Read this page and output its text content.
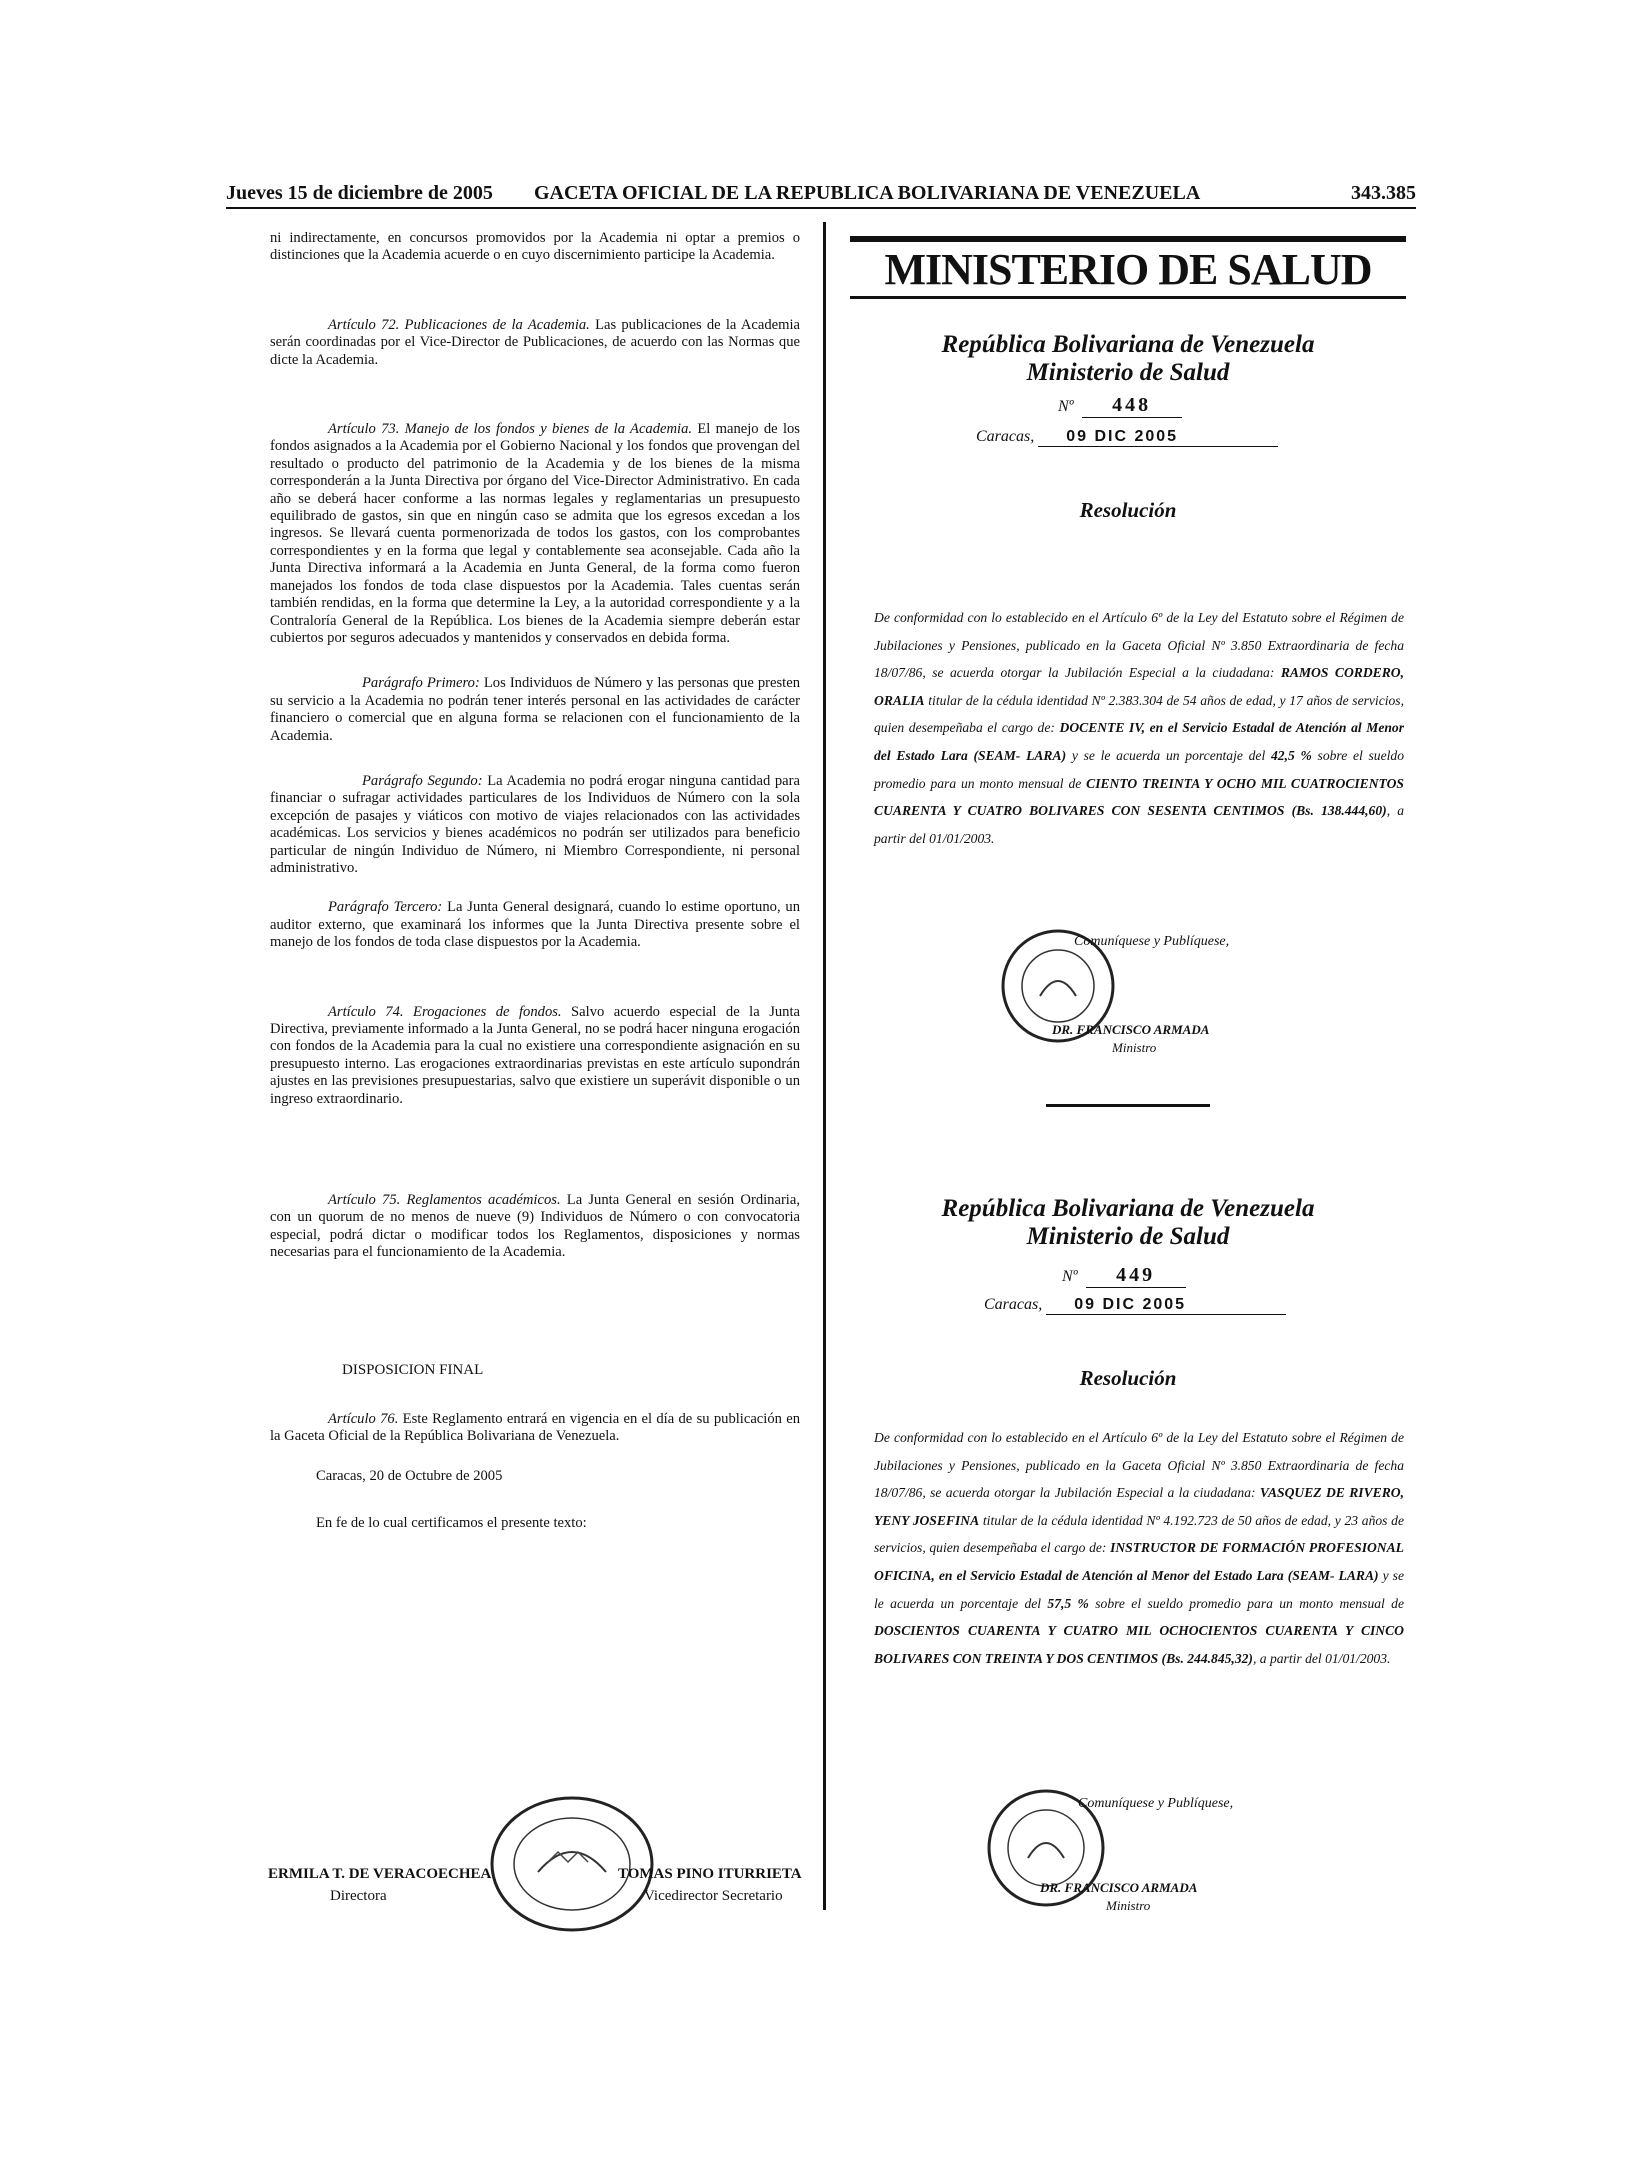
Jueves 15 de diciembre de 2005 GACETA OFICIAL DE LA REPUBLICA BOLIVARIANA DE VENEZUELA	343.385

ni indirectamente, en concursos promovidos por la Academia ni optar a premios o distinciones que la Academia acuerde o en cuyo discernimiento participe la Academia.

Artículo 72. Publicaciones de la Academia. Las publicaciones de la Academia serán coordinadas por el Vice-Director de Publicaciones, de acuerdo con las Normas que dicte la Academia.

Artículo 73. Manejo de los fondos y bienes de la Academia. El manejo de los fondos asignados a la Academia por el Gobierno Nacional y los fondos que provengan del resultado o producto del patrimonio de la Academia y de los bienes de la misma corresponderán a la Junta Directiva por órgano del Vice-Director Administrativo. En cada año se deberá hacer conforme a las normas legales y reglamentarias un presupuesto equilibrado de gastos, sin que en ningún caso se admita que los egresos excedan a los ingresos. Se llevará cuenta pormenorizada de todos los gastos, con los comprobantes correspondientes y en la forma que legal y contablemente sea aconsejable. Cada año la Junta Directiva informará a la Academia en Junta General, de la forma como fueron manejados los fondos de toda clase dispuestos por la Academia. Tales cuentas serán también rendidas, en la forma que determine la Ley, a la autoridad correspondiente y a la Contraloría General de la República. Los bienes de la Academia siempre deberán estar cubiertos por seguros adecuados y mantenidos y conservados en debida forma.

Parágrafo Primero: Los Individuos de Número y las personas que presten su servicio a la Academia no podrán tener interés personal en las actividades de carácter financiero o comercial que en alguna forma se relacionen con el funcionamiento de la Academia.

Parágrafo Segundo: La Academia no podrá erogar ninguna cantidad para financiar o sufragar actividades particulares de los Individuos de Número con la sola excepción de pasajes y viáticos con motivo de viajes relacionados con las actividades académicas. Los servicios y bienes académicos no podrán ser utilizados para beneficio particular de ningún Individuo de Número, ni Miembro Correspondiente, ni personal administrativo.

Parágrafo Tercero: La Junta General designará, cuando lo estime oportuno, un auditor externo, que examinará los informes que la Junta Directiva presente sobre el manejo de los fondos de toda clase dispuestos por la Academia.

Artículo 74. Erogaciones de fondos. Salvo acuerdo especial de la Junta Directiva, previamente informado a la Junta General, no se podrá hacer ninguna erogación con fondos de la Academia para la cual no existiere una correspondiente asignación en su presupuesto interno. Las erogaciones extraordinarias previstas en este artículo supondrán ajustes en las previsiones presupuestarias, salvo que existiere un superávit disponible o un ingreso extraordinario.

Artículo 75. Reglamentos académicos. La Junta General en sesión Ordinaria, con un quorum de no menos de nueve (9) Individuos de Número o con convocatoria especial, podrá dictar o modificar todos los Reglamentos, disposiciones y normas necesarias para el funcionamiento de la Academia.

DISPOSICION FINAL

Artículo 76. Este Reglamento entrará en vigencia en el día de su publicación en la Gaceta Oficial de la República Bolivariana de Venezuela.

Caracas, 20 de Octubre de 2005

En fe de lo cual certificamos el presente texto:

ERMILA T. DE VERACOECHEA
Directora
TOMAS PINO ITURRIETA
Vicedirector Secretario
MINISTERIO DE SALUD
República Bolivariana de Venezuela
Ministerio de Salud
Nº 448
Caracas, 09 DIC 2005
Resolución

De conformidad con lo establecido en el Artículo 6º de la Ley del Estatuto sobre el Régimen de Jubilaciones y Pensiones, publicado en la Gaceta Oficial Nº 3.850 Extraordinaria de fecha 18/07/86, se acuerda otorgar la Jubilación Especial a la ciudadana: RAMOS CORDERO, ORALIA titular de la cédula identidad Nº 2.383.304 de 54 años de edad, y 17 años de servicios, quien desempeñaba el cargo de: DOCENTE IV, en el Servicio Estadal de Atención al Menor del Estado Lara (SEAM- LARA) y se le acuerda un porcentaje del 42,5 % sobre el sueldo promedio para un monto mensual de CIENTO TREINTA Y OCHO MIL CUATROCIENTOS CUARENTA Y CUATRO BOLIVARES CON SESENTA CENTIMOS (Bs. 138.444,60), a partir del 01/01/2003.

Comuníquese y Publíquese,
DR. FRANCISCO ARMADA
Ministro
República Bolivariana de Venezuela
Ministerio de Salud
Nº 449
Caracas, 09 DIC 2005
Resolución

De conformidad con lo establecido en el Artículo 6º de la Ley del Estatuto sobre el Régimen de Jubilaciones y Pensiones, publicado en la Gaceta Oficial Nº 3.850 Extraordinaria de fecha 18/07/86, se acuerda otorgar la Jubilación Especial a la ciudadana: VASQUEZ DE RIVERO, YENY JOSEFINA titular de la cédula identidad Nº 4.192.723 de 50 años de edad, y 23 años de servicios, quien desempeñaba el cargo de: INSTRUCTOR DE FORMACIÓN PROFESIONAL OFICINA, en el Servicio Estadal de Atención al Menor del Estado Lara (SEAM- LARA) y se le acuerda un porcentaje del 57,5 % sobre el sueldo promedio para un monto mensual de DOSCIENTOS CUARENTA Y CUATRO MIL OCHOCIENTOS CUARENTA Y CINCO BOLIVARES CON TREINTA Y DOS CENTIMOS (Bs. 244.845,32), a partir del 01/01/2003.

Comuníquese y Publíquese,
DR. FRANCISCO ARMADA
Ministro
